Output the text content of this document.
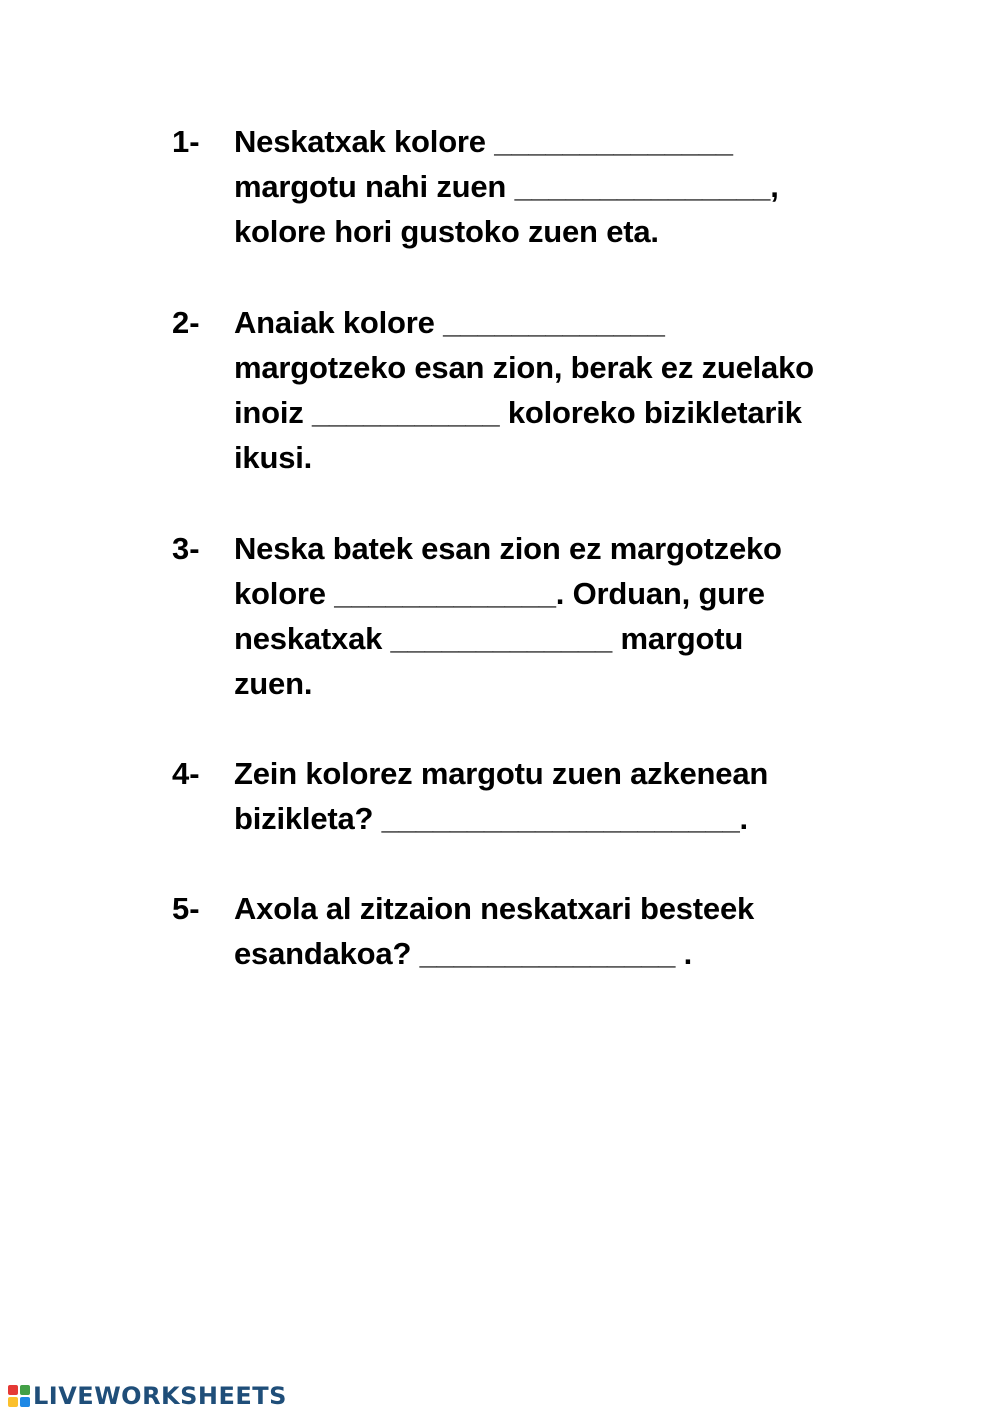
1- Neskatxak kolore ______________
margotu nahi zuen _______________,
kolore hori gustoko zuen eta.
2- Anaiak kolore _____________
margotzeko esan zion, berak ez zuelako
inoiz ___________ koloreko bizikletarik
ikusi.
3- Neska batek esan zion ez margotzeko
kolore _____________. Orduan, gure
neskatxak _____________ margotu
zuen.
4- Zein kolorez margotu zuen azkenean
bizikleta? _____________________.
5- Axola al zitzaion neskatxari besteek
esandakoa? _______________ .
LIVEWORKSHEETS
